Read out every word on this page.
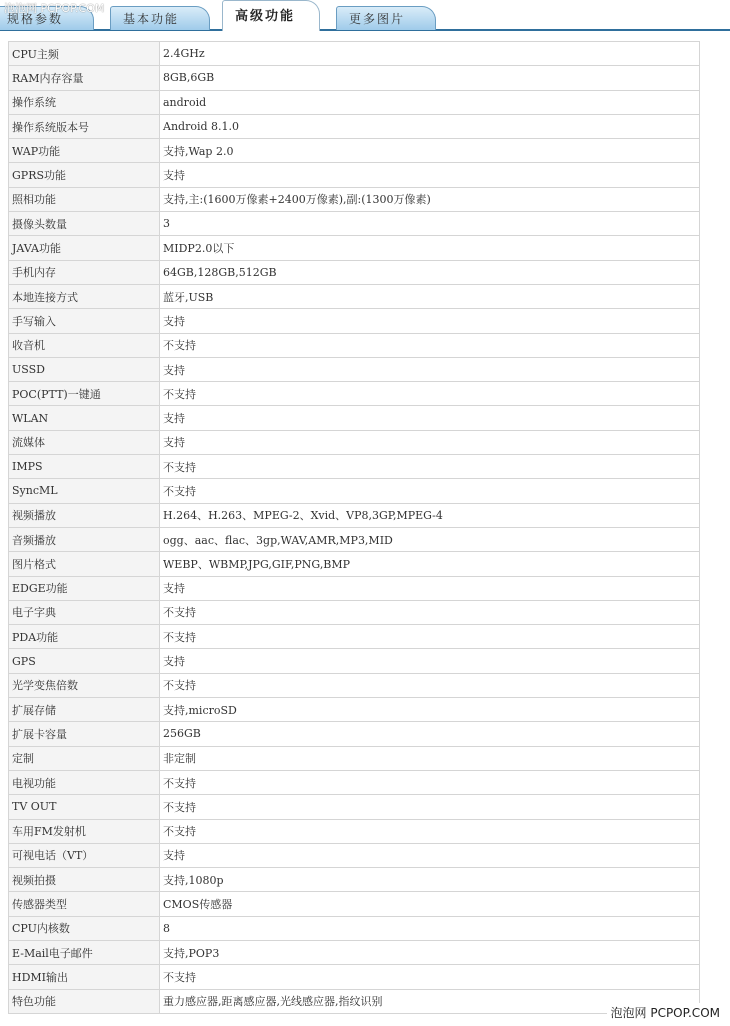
规格参数	基本功能	高级功能	更多图片
泡泡网 PCPOP.COM
CPU主频	2.4GHz
RAM内存容量	8GB,6GB
操作系统	android
操作系统版本号	Android 8.1.0
WAP功能	支持,Wap 2.0
GPRS功能	支持
照相功能	支持,主:(1600万像素+2400万像素),副:(1300万像素)
摄像头数量	3
JAVA功能	MIDP2.0以下
手机内存	64GB,128GB,512GB
本地连接方式	蓝牙,USB
手写输入	支持
收音机	不支持
USSD	支持
POC(PTT)一键通	不支持
WLAN	支持
流媒体	支持
IMPS	不支持
SyncML	不支持
视频播放	H.264、H.263、MPEG-2、Xvid、VP8,3GP,MPEG-4
音频播放	ogg、aac、flac、3gp,WAV,AMR,MP3,MID
图片格式	WEBP、WBMP,JPG,GIF,PNG,BMP
EDGE功能	支持
电子字典	不支持
PDA功能	不支持
GPS	支持
光学变焦倍数	不支持
扩展存储	支持,microSD
扩展卡容量	256GB
定制	非定制
电视功能	不支持
TV OUT	不支持
车用FM发射机	不支持
可视电话（VT）	支持
视频拍摄	支持,1080p
传感器类型	CMOS传感器
CPU内核数	8
E-Mail电子邮件	支持,POP3
HDMI输出	不支持
特色功能	重力感应器,距离感应器,光线感应器,指纹识别
泡泡网 PCPOP.COM
